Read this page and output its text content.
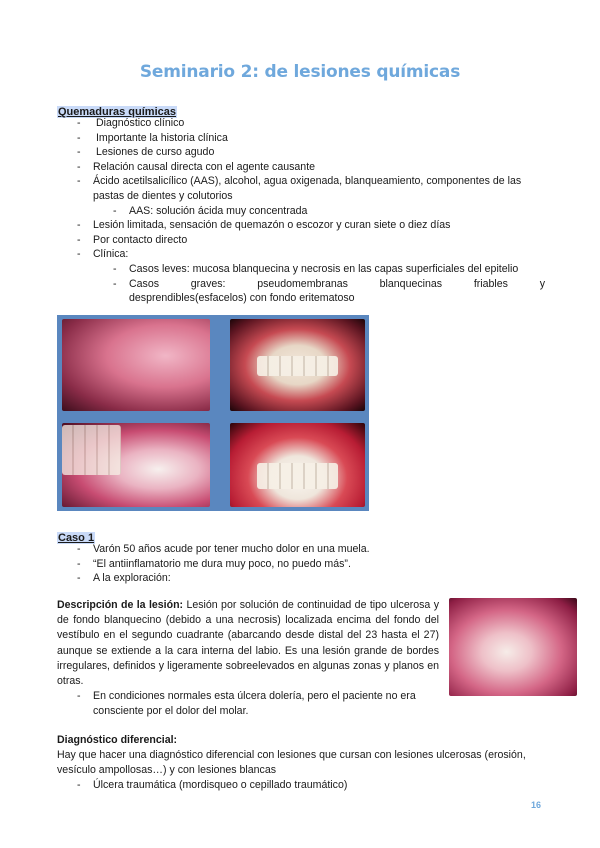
Seminario 2: de lesiones químicas
Quemaduras químicas
- Diagnóstico clínico
- Importante la historia clínica
- Lesiones de curso agudo
- Relación causal directa con el agente causante
- Ácido acetilsalicílico (AAS), alcohol, agua oxigenada, blanqueamiento, componentes de las
pastas de dientes y colutorios
- AAS: solución ácida muy concentrada
- Lesión limitada, sensación de quemazón o escozor y curan siete o diez días
- Por contacto directo
- Clínica:
- Casos leves: mucosa blanquecina y necrosis en las capas superficiales del epitelio
- Casos graves: pseudomembranas blanquecinas friables y
desprendibles(esfacelos) con fondo eritematoso
Caso 1
- Varón 50 años acude por tener mucho dolor en una muela.
- “El antiinflamatorio me dura muy poco, no puedo más”.
- A la exploración:
Descripción de la lesión: Lesión por solución de continuidad de tipo ulcerosa y de fondo blanquecino (debido a una necrosis) localizada encima del fondo del vestíbulo en el segundo cuadrante (abarcando desde distal del 23 hasta el 27) aunque se extiende a la cara interna del labio. Es una lesión grande de bordes irregulares, definidos y ligeramente sobreelevados en algunas zonas y planos en otras.
- En condiciones normales esta úlcera dolería, pero el paciente no era consciente por el dolor del molar.
Diagnóstico diferencial:
Hay que hacer una diagnóstico diferencial con lesiones que cursan con lesiones ulcerosas (erosión, vesículo ampollosas…) y con lesiones blancas
- Úlcera traumática (mordisqueo o cepillado traumático)
16
